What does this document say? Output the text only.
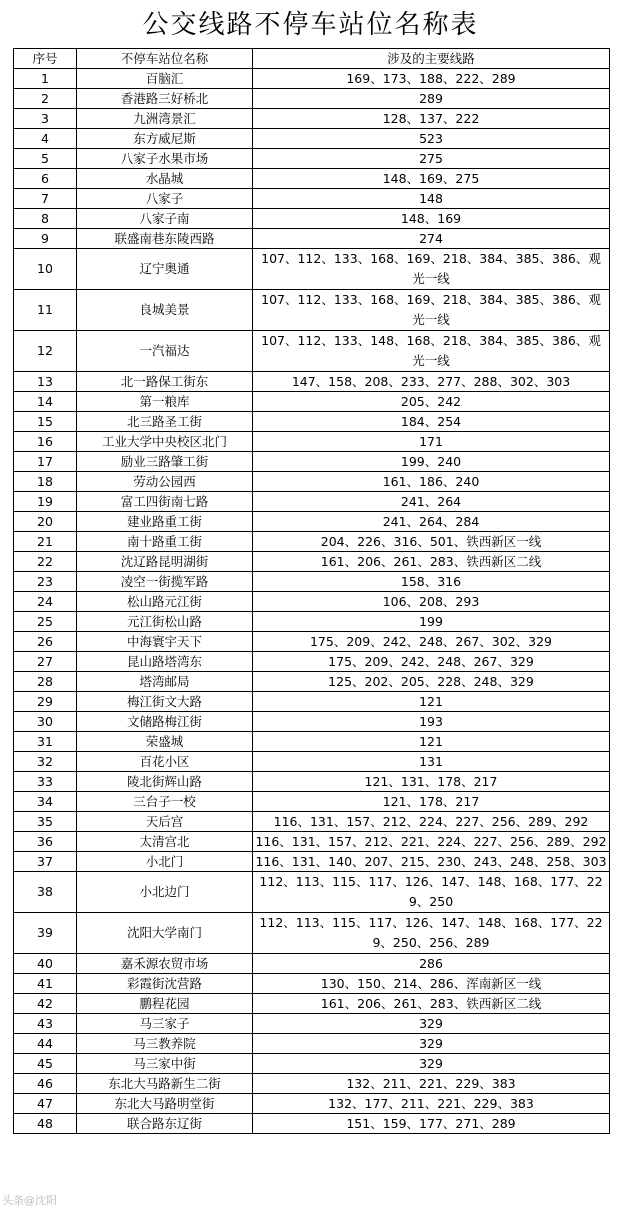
公交线路不停车站位名称表
序号	不停车站位名称	涉及的主要线路
1	百脑汇	169、173、188、222、289
2	香港路三好桥北	289
3	九洲湾景汇	128、137、222
4	东方威尼斯	523
5	八家子水果市场	275
6	水晶城	148、169、275
7	八家子	148
8	八家子南	148、169
9	联盛南巷东陵西路	274
10	辽宁奥通	107、112、133、168、169、218、384、385、386、观光一线
11	良城美景	107、112、133、168、169、218、384、385、386、观光一线
12	一汽福达	107、112、133、148、168、218、384、385、386、观光一线
13	北一路保工街东	147、158、208、233、277、288、302、303
14	第一粮库	205、242
15	北三路圣工街	184、254
16	工业大学中央校区北门	171
17	励业三路肇工街	199、240
18	劳动公园西	161、186、240
19	富工四街南七路	241、264
20	建业路重工街	241、264、284
21	南十路重工街	204、226、316、501、铁西新区一线
22	沈辽路昆明湖街	161、206、261、283、铁西新区二线
23	凌空一街揽军路	158、316
24	松山路元江街	106、208、293
25	元江街松山路	199
26	中海寰宇天下	175、209、242、248、267、302、329
27	昆山路塔湾东	175、209、242、248、267、329
28	塔湾邮局	125、202、205、228、248、329
29	梅江街文大路	121
30	文储路梅江街	193
31	荣盛城	121
32	百花小区	131
33	陵北街辉山路	121、131、178、217
34	三台子一校	121、178、217
35	天后宫	116、131、157、212、224、227、256、289、292
36	太清宫北	116、131、157、212、221、224、227、256、289、292
37	小北门	116、131、140、207、215、230、243、248、258、303
38	小北边门	112、113、115、117、126、147、148、168、177、229、250
39	沈阳大学南门	112、113、115、117、126、147、148、168、177、229、250、256、289
40	嘉禾源农贸市场	286
41	彩霞街沈营路	130、150、214、286、浑南新区一线
42	鹏程花园	161、206、261、283、铁西新区二线
43	马三家子	329
44	马三教养院	329
45	马三家中街	329
46	东北大马路新生二街	132、211、221、229、383
47	东北大马路明堂街	132、177、211、221、229、383
48	联合路东辽街	151、159、177、271、289
头条@沈阳
